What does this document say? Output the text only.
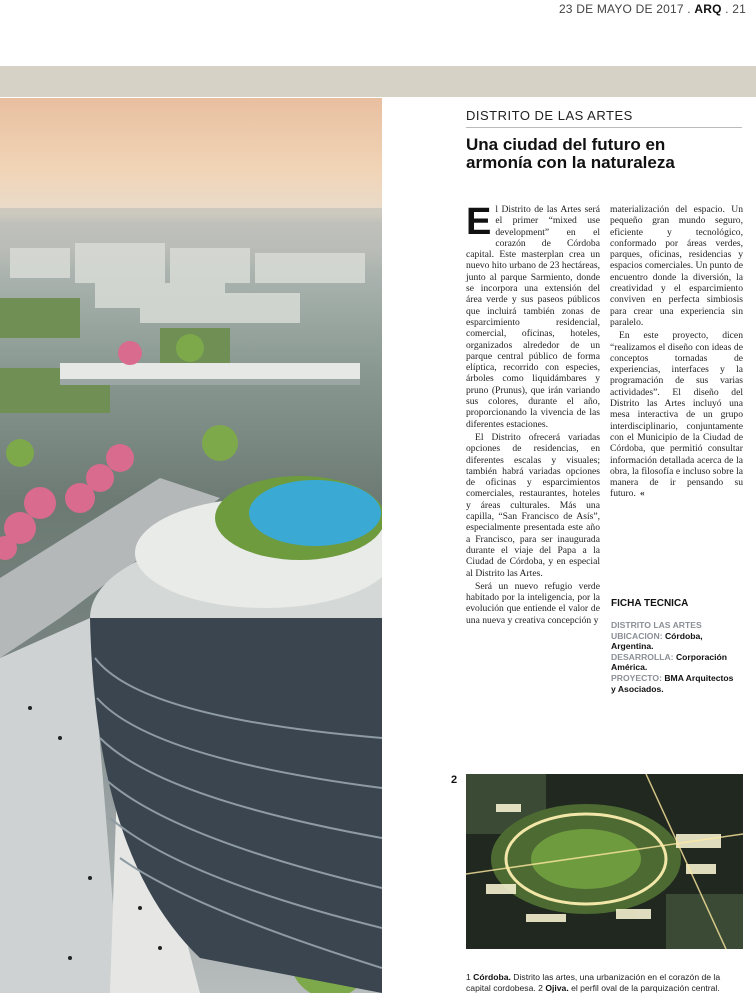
23 DE MAYO DE 2017 . ARQ . 21
DISTRITO DE LAS ARTES
Una ciudad del futuro en armonía con la naturaleza

El Distrito de las Artes será el primer “mixed use development” en el corazón de Córdoba capital. Este masterplan crea un nuevo hito urbano de 23 hectáreas, junto al parque Sarmiento, donde se incorpora una extensión del área verde y sus paseos públicos que incluirá también zonas de esparcimiento residencial, comercial, oficinas, hoteles, organizados alrededor de un parque central público de forma elíptica, recorrido con especies, árboles como liquidámbares y pruno (Prunus), que irán variando sus colores, durante el año, proporcionando la vivencia de las diferentes estaciones.

El Distrito ofrecerá variadas opciones de residencias, en diferentes escalas y visuales; también habrá variadas opciones de oficinas y esparcimientos comerciales, restaurantes, hoteles y áreas culturales. Más una capilla, “San Francisco de Asís”, especialmente presentada este año a Francisco, para ser inaugurada durante el viaje del Papa a la Ciudad de Córdoba, y en especial al Distrito las Artes.

Será un nuevo refugio verde habitado por la inteligencia, por la evolución que entiende el valor de una nueva y creativa concepción y

materialización del espacio. Un pequeño gran mundo seguro, eficiente y tecnológico, conformado por áreas verdes, parques, oficinas, residencias y espacios comerciales. Un punto de encuentro donde la diversión, la creatividad y el esparcimiento conviven en perfecta simbiosis para crear una experiencia sin paralelo.

En este proyecto, dicen “realizamos el diseño con ideas de conceptos tornadas de experiencias, interfaces y la programación de sus varias actividades”. El diseño del Distrito las Artes incluyó una mesa interactiva de un grupo interdisciplinario, conjuntamente con el Municipio de la Ciudad de Córdoba, que permitió consultar información detallada acerca de la obra, la filosofía e incluso sobre la manera de ir pensando su futuro. «

FICHA TECNICA
DISTRITO LAS ARTES
UBICACION: Córdoba, Argentina.
DESARROLLA: Corporación América.
PROYECTO: BMA Arquitectos y Asociados.
2
1 Córdoba. Distrito las artes, una urbanización en el corazón de la capital cordobesa. 2 Ojiva. el perfil oval de la parquización central.
